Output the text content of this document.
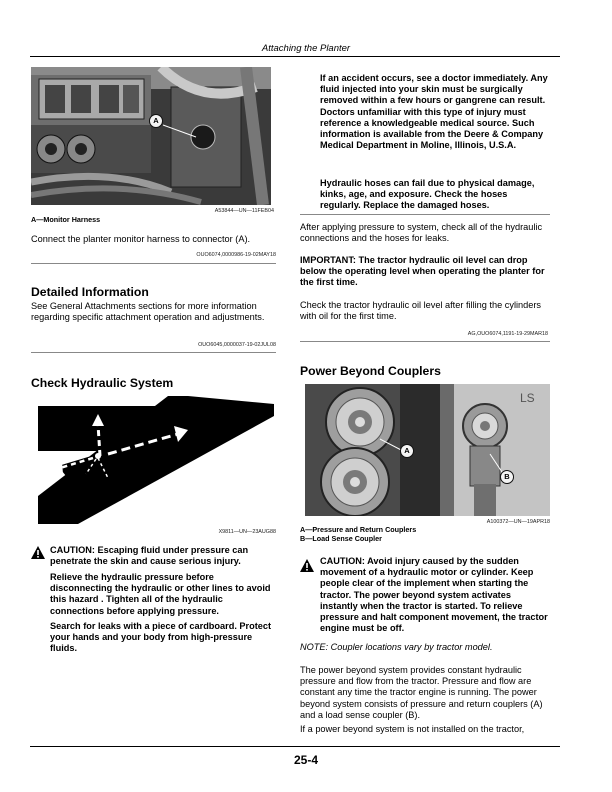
Attaching the Planter
A
A53844—UN—11FEB04
A—Monitor Harness
Connect the planter monitor harness to connector (A).
OUO6074,0000986-19-02MAY18
Detailed Information
See General Attachments sections for more information regarding specific attachment operation and adjustments.
OUO6045,0000037-19-02JUL08
Check Hydraulic System
X9811—UN—23AUG88
CAUTION: Escaping fluid under pressure can penetrate the skin and cause serious injury.
Relieve the hydraulic pressure before disconnecting the hydraulic or other lines to avoid this hazard . Tighten all of the hydraulic connections before applying pressure.
Search for leaks with a piece of cardboard. Protect your hands and your body from high-pressure fluids.
If an accident occurs, see a doctor immediately. Any fluid injected into your skin must be surgically removed within a few hours or gangrene can result. Doctors unfamiliar with this type of injury must reference a knowledgeable medical source. Such information is available from the Deere & Company Medical Department in Moline, Illinois, U.S.A.
Hydraulic hoses can fail due to physical damage, kinks, age, and exposure. Check the hoses regularly. Replace the damaged hoses.
After applying pressure to system, check all of the hydraulic connections and the hoses for leaks.
IMPORTANT: The tractor hydraulic oil level can drop below the operating level when operating the planter for the first time.
Check the tractor hydraulic oil level after filling the cylinders with oil for the first time.
AG,OUO6074,1191-19-29MAR18
Power Beyond Couplers
LS
A
B
A100372—UN—19APR18
A—Pressure and Return Couplers
B—Load Sense Coupler
CAUTION: Avoid injury caused by the sudden movement of a hydraulic motor or cylinder. Keep people clear of the implement when starting the tractor. The power beyond system activates instantly when the tractor is started. To relieve pressure and halt component movement, the tractor engine must be off.
NOTE: Coupler locations vary by tractor model.
The power beyond system provides constant hydraulic pressure and flow from the tractor. Pressure and flow are constant any time the tractor engine is running. The power beyond system consists of pressure and return couplers (A) and a load sense coupler (B).
If a power beyond system is not installed on the tractor,
25-4
